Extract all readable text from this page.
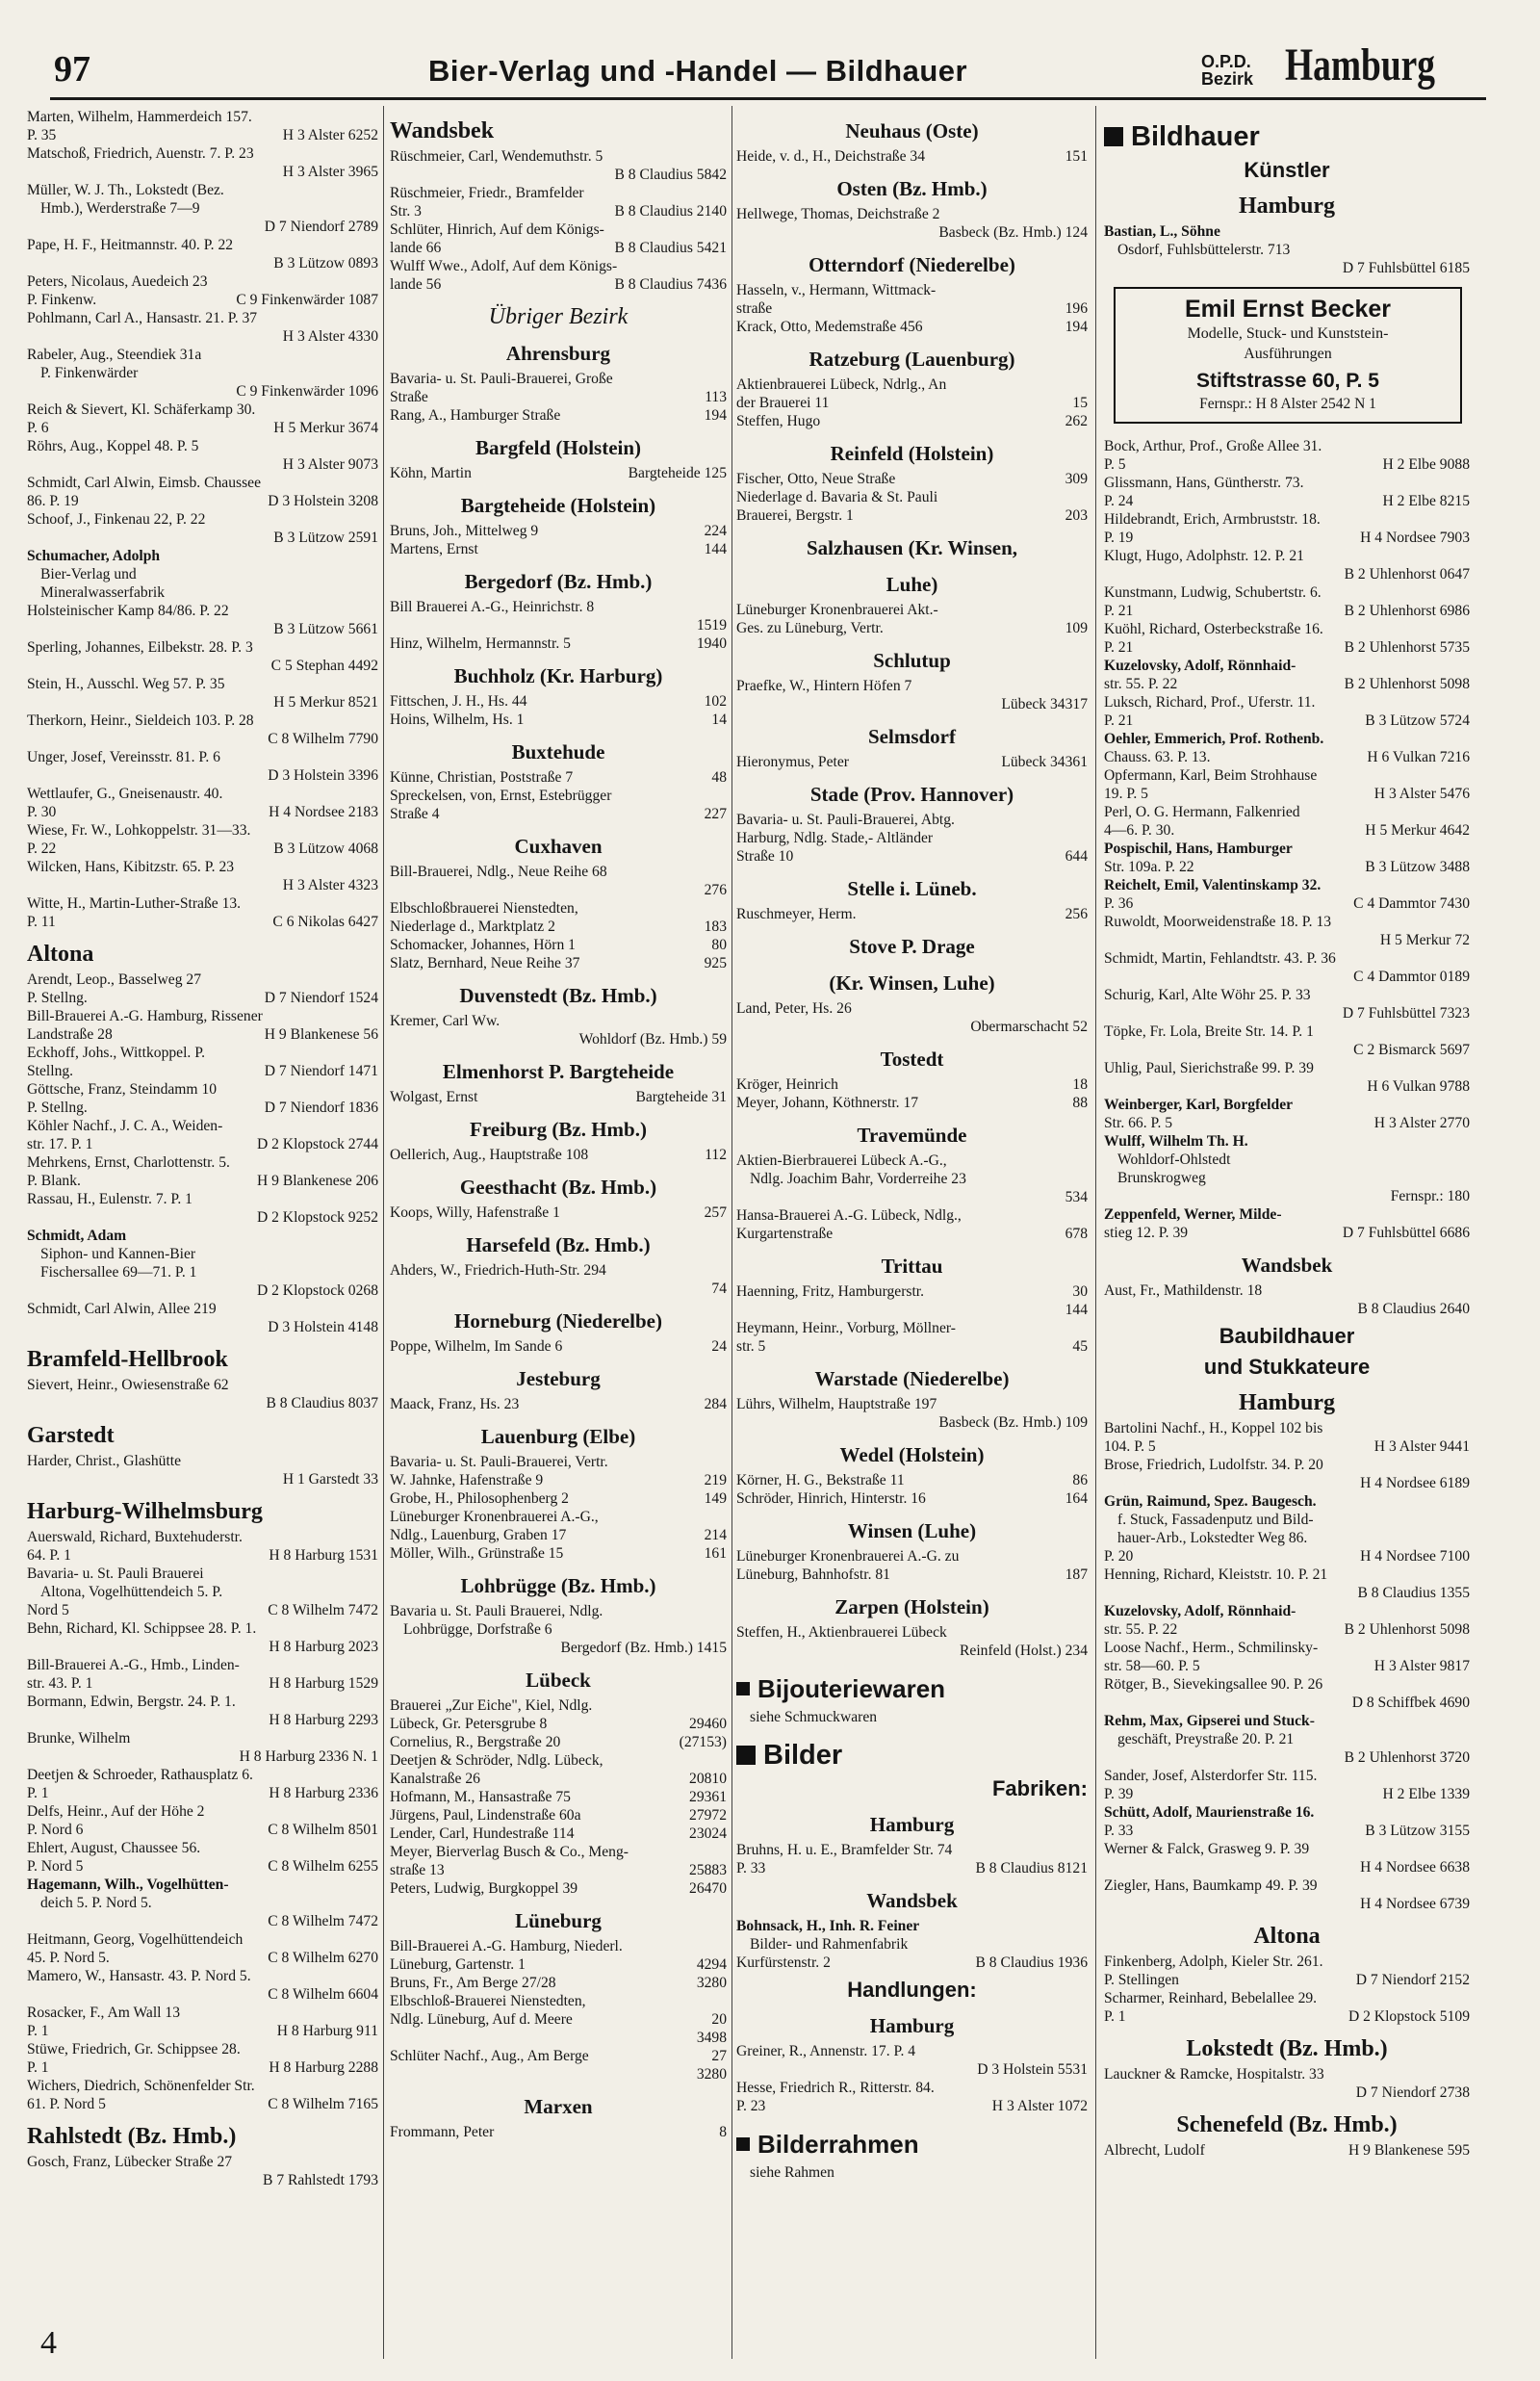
97	Bier-Verlag und -Handel — Bildhauer	O.P.D.
Bezirk Hamburg
Marten, Wilhelm, Hammerdeich 157.
P. 35	H 3 Alster 6252
Matschoß, Friedrich, Auenstr. 7. P. 23
H 3 Alster 3965
Müller, W. J. Th., Lokstedt (Bez.
Hmb.), Werderstraße 7—9
D 7 Niendorf 2789
Pape, H. F., Heitmannstr. 40. P. 22
B 3 Lützow 0893
Peters, Nicolaus, Auedeich 23
P. Finkenw.	C 9 Finkenwärder 1087
Pohlmann, Carl A., Hansastr. 21. P. 37
H 3 Alster 4330
Rabeler, Aug., Steendiek 31a
P. Finkenwärder
C 9 Finkenwärder 1096
Reich & Sievert, Kl. Schäferkamp 30.
P. 6	H 5 Merkur 3674
Röhrs, Aug., Koppel 48. P. 5
H 3 Alster 9073
Schmidt, Carl Alwin, Eimsb. Chaussee
86. P. 19	D 3 Holstein 3208
Schoof, J., Finkenau 22, P. 22
B 3 Lützow 2591
Schumacher, Adolph
Bier-Verlag und
Mineralwasserfabrik
Holsteinischer Kamp 84/86. P. 22
B 3 Lützow 5661
Sperling, Johannes, Eilbekstr. 28. P. 3
C 5 Stephan 4492
Stein, H., Ausschl. Weg 57. P. 35
H 5 Merkur 8521
Therkorn, Heinr., Sieldeich 103. P. 28
C 8 Wilhelm 7790
Unger, Josef, Vereinsstr. 81. P. 6
D 3 Holstein 3396
Wettlaufer, G., Gneisenaustr. 40.
P. 30	H 4 Nordsee 2183
Wiese, Fr. W., Lohkoppelstr. 31—33.
P. 22	B 3 Lützow 4068
Wilcken, Hans, Kibitzstr. 65. P. 23
H 3 Alster 4323
Witte, H., Martin-Luther-Straße 13.
P. 11	C 6 Nikolas 6427
Altona
Arendt, Leop., Basselweg 27
P. Stellng.	D 7 Niendorf 1524
Bill-Brauerei A.-G. Hamburg, Rissener
Landstraße 28	H 9 Blankenese 56
Eckhoff, Johs., Wittkoppel. P.
Stellng.	D 7 Niendorf 1471
Göttsche, Franz, Steindamm 10
P. Stellng.	D 7 Niendorf 1836
Köhler Nachf., J. C. A., Weiden-
str. 17. P. 1	D 2 Klopstock 2744
Mehrkens, Ernst, Charlottenstr. 5.
P. Blank.	H 9 Blankenese 206
Rassau, H., Eulenstr. 7. P. 1
D 2 Klopstock 9252
Schmidt, Adam
Siphon- und Kannen-Bier
Fischersallee 69—71. P. 1
D 2 Klopstock 0268
Schmidt, Carl Alwin, Allee 219
D 3 Holstein 4148
Bramfeld-Hellbrook
Sievert, Heinr., Owiesenstraße 62
B 8 Claudius 8037
Garstedt
Harder, Christ., Glashütte
H 1 Garstedt 33
Harburg-Wilhelmsburg
Auerswald, Richard, Buxtehuderstr.
64. P. 1	H 8 Harburg 1531
Bavaria- u. St. Pauli Brauerei
Altona, Vogelhüttendeich 5. P.
Nord 5	C 8 Wilhelm 7472
Behn, Richard, Kl. Schippsee 28. P. 1.
H 8 Harburg 2023
Bill-Brauerei A.-G., Hmb., Linden-
str. 43. P. 1	H 8 Harburg 1529
Bormann, Edwin, Bergstr. 24. P. 1.
H 8 Harburg 2293
Brunke, Wilhelm
H 8 Harburg 2336 N. 1
Deetjen & Schroeder, Rathausplatz 6.
P. 1	H 8 Harburg 2336
Delfs, Heinr., Auf der Höhe 2
P. Nord 6	C 8 Wilhelm 8501
Ehlert, August, Chaussee 56.
P. Nord 5	C 8 Wilhelm 6255
Hagemann, Wilh., Vogelhütten-
deich 5. P. Nord 5.
C 8 Wilhelm 7472
Heitmann, Georg, Vogelhüttendeich
45. P. Nord 5.	C 8 Wilhelm 6270
Mamero, W., Hansastr. 43. P. Nord 5.
C 8 Wilhelm 6604
Rosacker, F., Am Wall 13
P. 1	H 8 Harburg 911
Stüwe, Friedrich, Gr. Schippsee 28.
P. 1	H 8 Harburg 2288
Wichers, Diedrich, Schönenfelder Str.
61. P. Nord 5	C 8 Wilhelm 7165
Rahlstedt (Bz. Hmb.)
Gosch, Franz, Lübecker Straße 27
B 7 Rahlstedt 1793
Wandsbek
Rüschmeier, Carl, Wendemuthstr. 5
B 8 Claudius 5842
Rüschmeier, Friedr., Bramfelder
Str. 3	B 8 Claudius 2140
Schlüter, Hinrich, Auf dem Königs-
lande 66	B 8 Claudius 5421
Wulff Wwe., Adolf, Auf dem Königs-
lande 56	B 8 Claudius 7436
Übriger Bezirk
Ahrensburg
Bavaria- u. St. Pauli-Brauerei, Große
Straße	113
Rang, A., Hamburger Straße	194
Bargfeld (Holstein)
Köhn, Martin	Bargteheide 125
Bargteheide (Holstein)
Bruns, Joh., Mittelweg 9	224
Martens, Ernst	144
Bergedorf (Bz. Hmb.)
Bill Brauerei A.-G., Heinrichstr. 8
1519
Hinz, Wilhelm, Hermannstr. 5	1940
Buchholz (Kr. Harburg)
Fittschen, J. H., Hs. 44	102
Hoins, Wilhelm, Hs. 1	14
Buxtehude
Künne, Christian, Poststraße 7	48
Spreckelsen, von, Ernst, Estebrügger
Straße 4	227
Cuxhaven
Bill-Brauerei, Ndlg., Neue Reihe 68
276
Elbschloßbrauerei Nienstedten,
Niederlage d., Marktplatz 2	183
Schomacker, Johannes, Hörn 1	80
Slatz, Bernhard, Neue Reihe 37	925
Duvenstedt (Bz. Hmb.)
Kremer, Carl Ww.
Wohldorf (Bz. Hmb.) 59
Elmenhorst P. Bargteheide
Wolgast, Ernst	Bargteheide 31
Freiburg (Bz. Hmb.)
Oellerich, Aug., Hauptstraße 108	112
Geesthacht (Bz. Hmb.)
Koops, Willy, Hafenstraße 1	257
Harsefeld (Bz. Hmb.)
Ahders, W., Friedrich-Huth-Str. 294
74
Horneburg (Niederelbe)
Poppe, Wilhelm, Im Sande 6	24
Jesteburg
Maack, Franz, Hs. 23	284
Lauenburg (Elbe)
Bavaria- u. St. Pauli-Brauerei, Vertr.
W. Jahnke, Hafenstraße 9	219
Grobe, H., Philosophenberg 2	149
Lüneburger Kronenbrauerei A.-G.,
Ndlg., Lauenburg, Graben 17	214
Möller, Wilh., Grünstraße 15	161
Lohbrügge (Bz. Hmb.)
Bavaria u. St. Pauli Brauerei, Ndlg.
Lohbrügge, Dorfstraße 6
Bergedorf (Bz. Hmb.) 1415
Lübeck
Brauerei „Zur Eiche", Kiel, Ndlg.
Lübeck, Gr. Petersgrube 8	29460
Cornelius, R., Bergstraße 20	(27153)
Deetjen & Schröder, Ndlg. Lübeck,
Kanalstraße 26	20810
Hofmann, M., Hansastraße 75	29361
Jürgens, Paul, Lindenstraße 60a	27972
Lender, Carl, Hundestraße 114	23024
Meyer, Bierverlag Busch & Co., Meng-
straße 13	25883
Peters, Ludwig, Burgkoppel 39	26470
Lüneburg
Bill-Brauerei A.-G. Hamburg, Niederl.
Lüneburg, Gartenstr. 1	4294
Bruns, Fr., Am Berge 27/28	3280
Elbschloß-Brauerei Nienstedten,
Ndlg. Lüneburg, Auf d. Meere	20
3498
Schlüter Nachf., Aug., Am Berge	27
3280
Marxen
Frommann, Peter	8
Neuhaus (Oste)
Heide, v. d., H., Deichstraße 34	151
Osten (Bz. Hmb.)
Hellwege, Thomas, Deichstraße 2
Basbeck (Bz. Hmb.) 124
Otterndorf (Niederelbe)
Hasseln, v., Hermann, Wittmack-
straße	196
Krack, Otto, Medemstraße 456	194
Ratzeburg (Lauenburg)
Aktienbrauerei Lübeck, Ndrlg., An
der Brauerei 11	15
Steffen, Hugo	262
Reinfeld (Holstein)
Fischer, Otto, Neue Straße	309
Niederlage d. Bavaria & St. Pauli
Brauerei, Bergstr. 1	203
Salzhausen (Kr. Winsen,
Luhe)
Lüneburger Kronenbrauerei Akt.-
Ges. zu Lüneburg, Vertr.	109
Schlutup
Praefke, W., Hintern Höfen 7
Lübeck 34317
Selmsdorf
Hieronymus, Peter	Lübeck 34361
Stade (Prov. Hannover)
Bavaria- u. St. Pauli-Brauerei, Abtg.
Harburg, Ndlg. Stade,- Altländer
Straße 10	644
Stelle i. Lüneb.
Ruschmeyer, Herm.	256
Stove P. Drage
(Kr. Winsen, Luhe)
Land, Peter, Hs. 26
Obermarschacht 52
Tostedt
Kröger, Heinrich	18
Meyer, Johann, Köthnerstr. 17	88
Travemünde
Aktien-Bierbrauerei Lübeck A.-G.,
Ndlg. Joachim Bahr, Vorderreihe 23
534
Hansa-Brauerei A.-G. Lübeck, Ndlg.,
Kurgartenstraße	678
Trittau
Haenning, Fritz, Hamburgerstr.	30
144
Heymann, Heinr., Vorburg, Möllner-
str. 5	45
Warstade (Niederelbe)
Lührs, Wilhelm, Hauptstraße 197
Basbeck (Bz. Hmb.) 109
Wedel (Holstein)
Körner, H. G., Bekstraße 11	86
Schröder, Hinrich, Hinterstr. 16	164
Winsen (Luhe)
Lüneburger Kronenbrauerei A.-G. zu
Lüneburg, Bahnhofstr. 81	187
Zarpen (Holstein)
Steffen, H., Aktienbrauerei Lübeck
Reinfeld (Holst.) 234
Bijouteriewaren
siehe Schmuckwaren
Bilder
Fabriken:
Hamburg
Bruhns, H. u. E., Bramfelder Str. 74
P. 33	B 8 Claudius 8121
Wandsbek
Bohnsack, H., Inh. R. Feiner
Bilder- und Rahmenfabrik
Kurfürstenstr. 2	B 8 Claudius 1936
Handlungen:
Hamburg
Greiner, R., Annenstr. 17. P. 4
D 3 Holstein 5531
Hesse, Friedrich R., Ritterstr. 84.
P. 23	H 3 Alster 1072
Bilderrahmen
siehe Rahmen
Bildhauer
Künstler
Hamburg
Bastian, L., Söhne
Osdorf, Fuhlsbüttelerstr. 713
D 7 Fuhlsbüttel 6185
Emil Ernst Becker
Modelle, Stuck- und Kunststein-
Ausführungen
Stiftstrasse 60, P. 5
Fernspr.: H 8 Alster 2542 N 1
Bock, Arthur, Prof., Große Allee 31.
P. 5	H 2 Elbe 9088
Glissmann, Hans, Güntherstr. 73.
P. 24	H 2 Elbe 8215
Hildebrandt, Erich, Armbruststr. 18.
P. 19	H 4 Nordsee 7903
Klugt, Hugo, Adolphstr. 12. P. 21
B 2 Uhlenhorst 0647
Kunstmann, Ludwig, Schubertstr. 6.
P. 21	B 2 Uhlenhorst 6986
Kuöhl, Richard, Osterbeckstraße 16.
P. 21	B 2 Uhlenhorst 5735
Kuzelovsky, Adolf, Rönnhaid-
str. 55. P. 22	B 2 Uhlenhorst 5098
Luksch, Richard, Prof., Uferstr. 11.
P. 21	B 3 Lützow 5724
Oehler, Emmerich, Prof. Rothenb.
Chauss. 63. P. 13.	H 6 Vulkan 7216
Opfermann, Karl, Beim Strohhause
19. P. 5	H 3 Alster 5476
Perl, O. G. Hermann, Falkenried
4—6. P. 30.	H 5 Merkur 4642
Pospischil, Hans, Hamburger
Str. 109a. P. 22	B 3 Lützow 3488
Reichelt, Emil, Valentinskamp 32.
P. 36	C 4 Dammtor 7430
Ruwoldt, Moorweidenstraße 18. P. 13
H 5 Merkur 72
Schmidt, Martin, Fehlandtstr. 43. P. 36
C 4 Dammtor 0189
Schurig, Karl, Alte Wöhr 25. P. 33
D 7 Fuhlsbüttel 7323
Töpke, Fr. Lola, Breite Str. 14. P. 1
C 2 Bismarck 5697
Uhlig, Paul, Sierichstraße 99. P. 39
H 6 Vulkan 9788
Weinberger, Karl, Borgfelder
Str. 66. P. 5	H 3 Alster 2770
Wulff, Wilhelm Th. H.
Wohldorf-Ohlstedt
Brunskrogweg
Fernspr.: 180
Zeppenfeld, Werner, Milde-
stieg 12. P. 39	D 7 Fuhlsbüttel 6686
Wandsbek
Aust, Fr., Mathildenstr. 18
B 8 Claudius 2640
Baubildhauer
und Stukkateure
Hamburg
Bartolini Nachf., H., Koppel 102 bis
104. P. 5	H 3 Alster 9441
Brose, Friedrich, Ludolfstr. 34. P. 20
H 4 Nordsee 6189
Grün, Raimund, Spez. Baugesch.
f. Stuck, Fassadenputz und Bild-
hauer-Arb., Lokstedter Weg 86.
P. 20	H 4 Nordsee 7100
Henning, Richard, Kleiststr. 10. P. 21
B 8 Claudius 1355
Kuzelovsky, Adolf, Rönnhaid-
str. 55. P. 22	B 2 Uhlenhorst 5098
Loose Nachf., Herm., Schmilinsky-
str. 58—60. P. 5	H 3 Alster 9817
Rötger, B., Sievekingsallee 90. P. 26
D 8 Schiffbek 4690
Rehm, Max, Gipserei und Stuck-
geschäft, Preystraße 20. P. 21
B 2 Uhlenhorst 3720
Sander, Josef, Alsterdorfer Str. 115.
P. 39	H 2 Elbe 1339
Schütt, Adolf, Maurienstraße 16.
P. 33	B 3 Lützow 3155
Werner & Falck, Grasweg 9. P. 39
H 4 Nordsee 6638
Ziegler, Hans, Baumkamp 49. P. 39
H 4 Nordsee 6739
Altona
Finkenberg, Adolph, Kieler Str. 261.
P. Stellingen	D 7 Niendorf 2152
Scharmer, Reinhard, Bebelallee 29.
P. 1	D 2 Klopstock 5109
Lokstedt (Bz. Hmb.)
Lauckner & Ramcke, Hospitalstr. 33
D 7 Niendorf 2738
Schenefeld (Bz. Hmb.)
Albrecht, Ludolf	H 9 Blankenese 595
4
